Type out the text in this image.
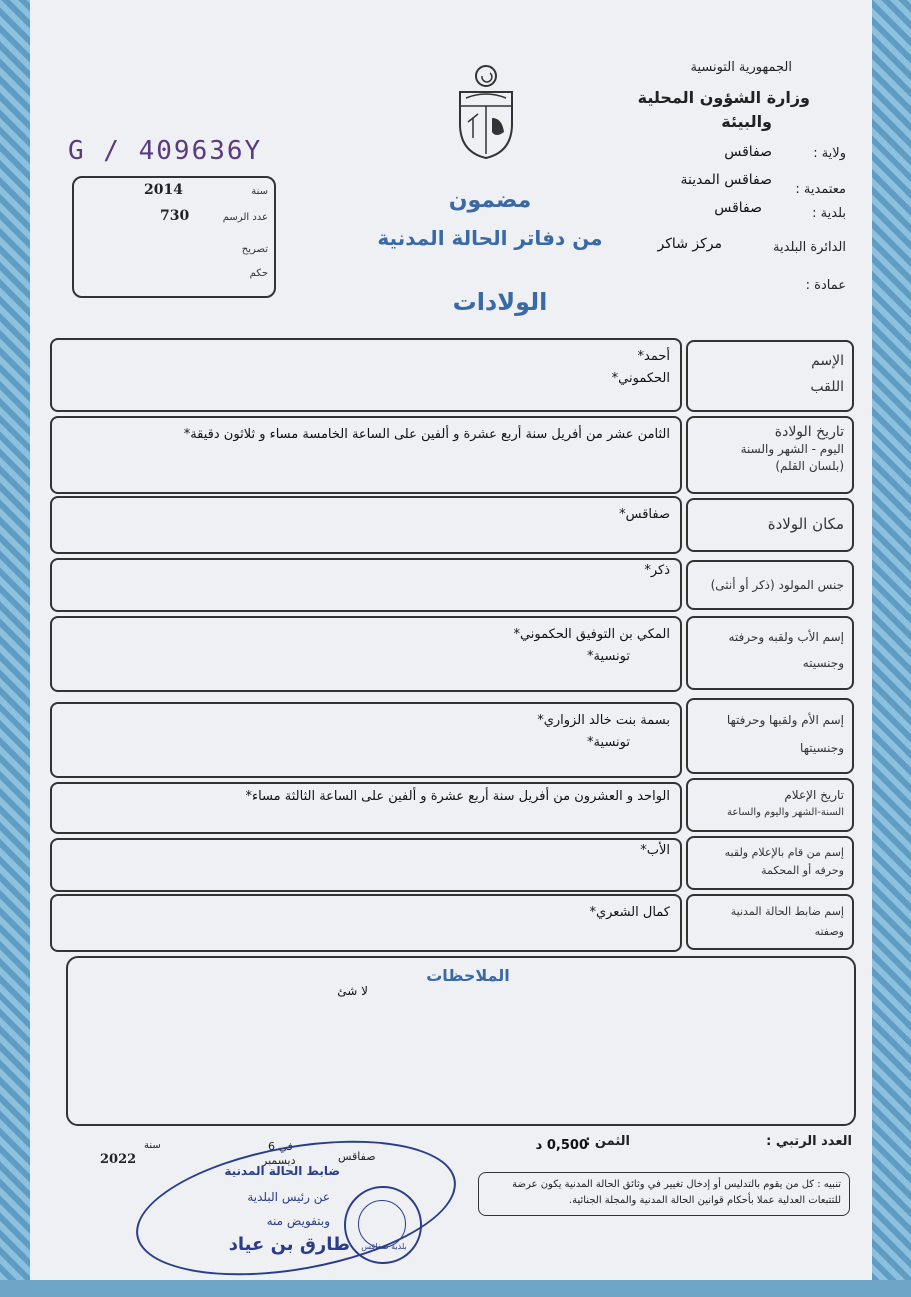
الجمهورية التونسية
وزارة الشؤون المحلية
والبيئة
ولاية :
صفاقس
معتمدية :
صفاقس المدينة
بلدية :
صفاقس
الدائرة البلدية
مركز شاكر
عمادة :
G / 409636Y
سنة
2014
عدد الرسم
730
تصريح
حكم
مضمون
من دفاتر الحالة المدنية
الولادات
الإسم
اللقب
أحمد*
الحكموني*
تاريخ الولادة
اليوم - الشهر والسنة
(بلسان القلم)
الثامن عشر من أفريل سنة أربع عشرة و ألفين على الساعة الخامسة مساء و ثلاثون دقيقة*
مكان الولادة
صفاقس*
جنس المولود (ذكر أو أنثى)
ذكر*
إسم الأب ولقبه وحرفته
وجنسيته
المكي بن التوفيق الحكموني*
تونسية*
إسم الأم ولقبها وحرفتها
وجنسيتها
بسمة بنت خالد الزواري*
تونسية*
تاريخ الإعلام
السنة-الشهر واليوم والساعة
الواحد و العشرون من أفريل سنة أربع عشرة و ألفين على الساعة الثالثة مساء*
إسم من قام بالإعلام ولقبه
وحرفه أو المحكمة
الأب*
إسم ضابط الحالة المدنية
وصفته
كمال الشعري*
الملاحظات
لا شئ
العدد الرتبي :
الثمن :
0,500 د
صفاقس
في 6
ديسمبر
سنة
2022
تنبيه : كل من يقوم بالتدليس أو إدخال تغيير في وثائق الحالة المدنية يكون عرضة للتتبعات العدلية عملا بأحكام قوانين الحالة المدنية والمجلة الجنائية.
ضابط الحالة المدنية
عن رئيس البلدية
وبتفويض منه
طارق بن عياد	بلدية صفاقس
